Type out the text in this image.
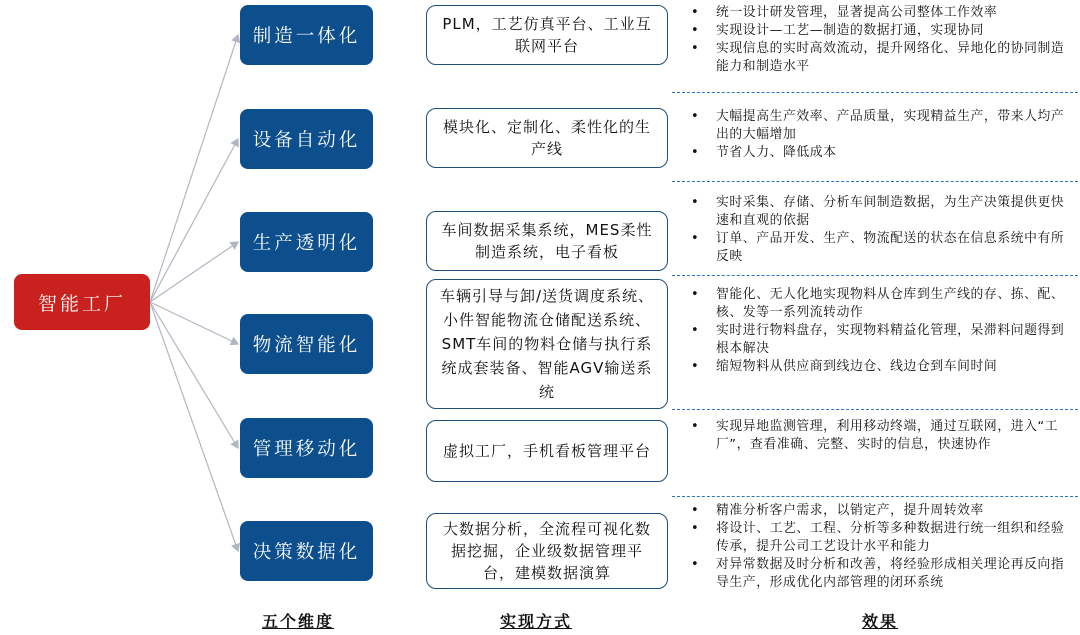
智能工厂
制造一体化
设备自动化
生产透明化
物流智能化
管理移动化
决策数据化
PLM，工艺仿真平台、工业互联网平台
模块化、定制化、柔性化的生产线
车间数据采集系统，MES柔性制造系统，电子看板
车辆引导与卸/送货调度系统、小件智能物流仓储配送系统、SMT车间的物料仓储与执行系统成套装备、智能AGV输送系统
虚拟工厂，手机看板管理平台
大数据分析，全流程可视化数据挖掘，企业级数据管理平台，建模数据演算
• 统一设计研发管理，显著提高公司整体工作效率
• 实现设计—工艺—制造的数据打通，实现协同
• 实现信息的实时高效流动，提升网络化、异地化的协同制造能力和制造水平
• 大幅提高生产效率、产品质量，实现精益生产，带来人均产出的大幅增加
• 节省人力、降低成本
• 实时采集、存储、分析车间制造数据，为生产决策提供更快速和直观的依据
• 订单、产品开发、生产、物流配送的状态在信息系统中有所反映
• 智能化、无人化地实现物料从仓库到生产线的存、拣、配、核、发等一系列流转动作
• 实时进行物料盘存，实现物料精益化管理，呆滞料问题得到根本解决
• 缩短物料从供应商到线边仓、线边仓到车间时间
• 实现异地监测管理，利用移动终端，通过互联网，进入“工厂”，查看准确、完整、实时的信息，快速协作
• 精准分析客户需求，以销定产，提升周转效率
• 将设计、工艺、工程、分析等多种数据进行统一组织和经验传承，提升公司工艺设计水平和能力
• 对异常数据及时分析和改善，将经验形成相关理论再反向指导生产，形成优化内部管理的闭环系统
五个维度	实现方式	效果
